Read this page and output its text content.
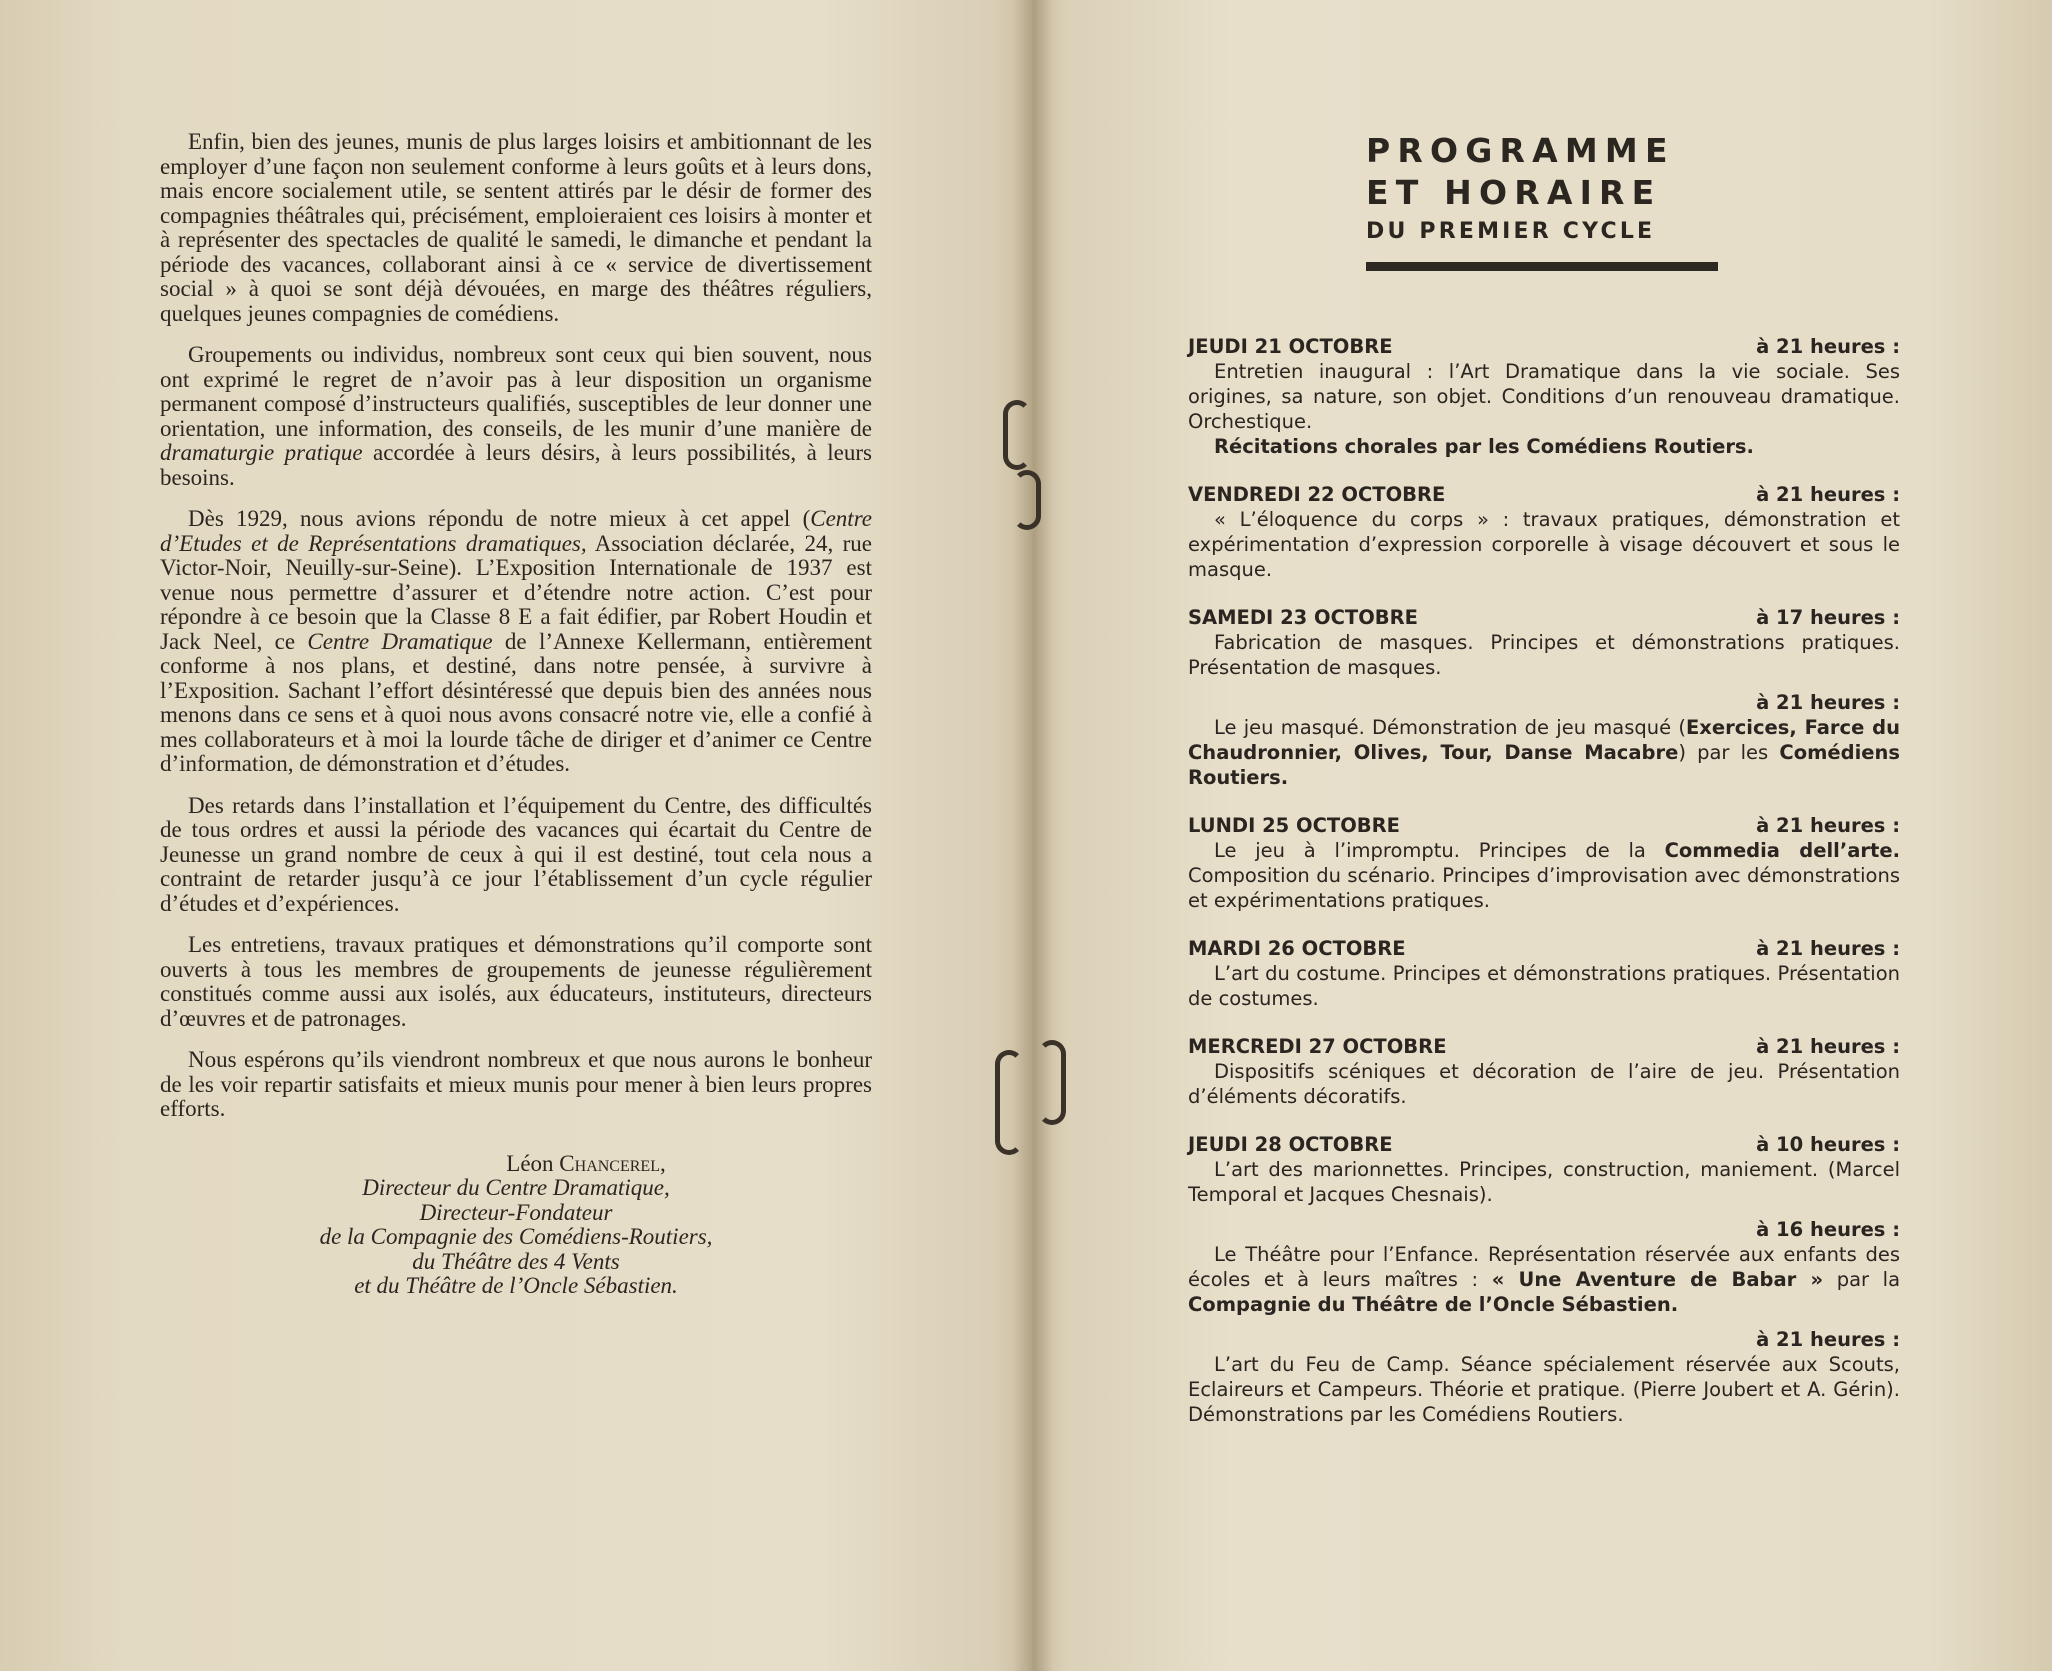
Enfin, bien des jeunes, munis de plus larges loisirs et ambitionnant de les employer d’une façon non seulement conforme à leurs goûts et à leurs dons, mais encore socialement utile, se sentent attirés par le désir de former des compagnies théâtrales qui, précisément, emploieraient ces loisirs à monter et à représenter des spectacles de qualité le samedi, le dimanche et pendant la période des vacances, collaborant ainsi à ce « service de divertissement social » à quoi se sont déjà dévouées, en marge des théâtres réguliers, quelques jeunes compagnies de comédiens.

Groupements ou individus, nombreux sont ceux qui bien souvent, nous ont exprimé le regret de n’avoir pas à leur disposition un organisme permanent composé d’instructeurs qualifiés, susceptibles de leur donner une orientation, une information, des conseils, de les munir d’une manière de dramaturgie pratique accordée à leurs désirs, à leurs possibilités, à leurs besoins.

Dès 1929, nous avions répondu de notre mieux à cet appel (Centre d’Etudes et de Représentations dramatiques, Association déclarée, 24, rue Victor-Noir, Neuilly-sur-Seine). L’Exposition Internationale de 1937 est venue nous permettre d’assurer et d’étendre notre action. C’est pour répondre à ce besoin que la Classe 8 E a fait édifier, par Robert Houdin et Jack Neel, ce Centre Dramatique de l’Annexe Kellermann, entièrement conforme à nos plans, et destiné, dans notre pensée, à survivre à l’Exposition. Sachant l’effort désintéressé que depuis bien des années nous menons dans ce sens et à quoi nous avons consacré notre vie, elle a confié à mes collaborateurs et à moi la lourde tâche de diriger et d’animer ce Centre d’information, de démonstration et d’études.

Des retards dans l’installation et l’équipement du Centre, des difficultés de tous ordres et aussi la période des vacances qui écartait du Centre de Jeunesse un grand nombre de ceux à qui il est destiné, tout cela nous a contraint de retarder jusqu’à ce jour l’établissement d’un cycle régulier d’études et d’expériences.

Les entretiens, travaux pratiques et démonstrations qu’il comporte sont ouverts à tous les membres de groupements de jeunesse régulièrement constitués comme aussi aux isolés, aux éducateurs, instituteurs, directeurs d’œuvres et de patronages.

Nous espérons qu’ils viendront nombreux et que nous aurons le bonheur de les voir repartir satisfaits et mieux munis pour mener à bien leurs propres efforts.

Léon Chancerel,
Directeur du Centre Dramatique,
Directeur-Fondateur
de la Compagnie des Comédiens-Routiers,
du Théâtre des 4 Vents
et du Théâtre de l’Oncle Sébastien.
PROGRAMME
ET HORAIRE
DU PREMIER CYCLE
JEUDI 21 OCTOBRE	à 21 heures :
Entretien inaugural : l’Art Dramatique dans la vie sociale. Ses origines, sa nature, son objet. Conditions d’un renouveau dramatique. Orchestique.
Récitations chorales par les Comédiens Routiers.
VENDREDI 22 OCTOBRE	à 21 heures :
« L’éloquence du corps » : travaux pratiques, démonstration et expérimentation d’expression corporelle à visage découvert et sous le masque.
SAMEDI 23 OCTOBRE	à 17 heures :
Fabrication de masques. Principes et démonstrations pratiques. Présentation de masques.
à 21 heures :
Le jeu masqué. Démonstration de jeu masqué (Exercices, Farce du Chaudronnier, Olives, Tour, Danse Macabre) par les Comédiens Routiers.
LUNDI 25 OCTOBRE	à 21 heures :
Le jeu à l’impromptu. Principes de la Commedia dell’arte. Composition du scénario. Principes d’improvisation avec démonstrations et expérimentations pratiques.
MARDI 26 OCTOBRE	à 21 heures :
L’art du costume. Principes et démonstrations pratiques. Présentation de costumes.
MERCREDI 27 OCTOBRE	à 21 heures :
Dispositifs scéniques et décoration de l’aire de jeu. Présentation d’éléments décoratifs.
JEUDI 28 OCTOBRE	à 10 heures :
L’art des marionnettes. Principes, construction, maniement. (Marcel Temporal et Jacques Chesnais).
à 16 heures :
Le Théâtre pour l’Enfance. Représentation réservée aux enfants des écoles et à leurs maîtres : « Une Aventure de Babar » par la Compagnie du Théâtre de l’Oncle Sébastien.
à 21 heures :
L’art du Feu de Camp. Séance spécialement réservée aux Scouts, Eclaireurs et Campeurs. Théorie et pratique. (Pierre Joubert et A. Gérin). Démonstrations par les Comédiens Routiers.
